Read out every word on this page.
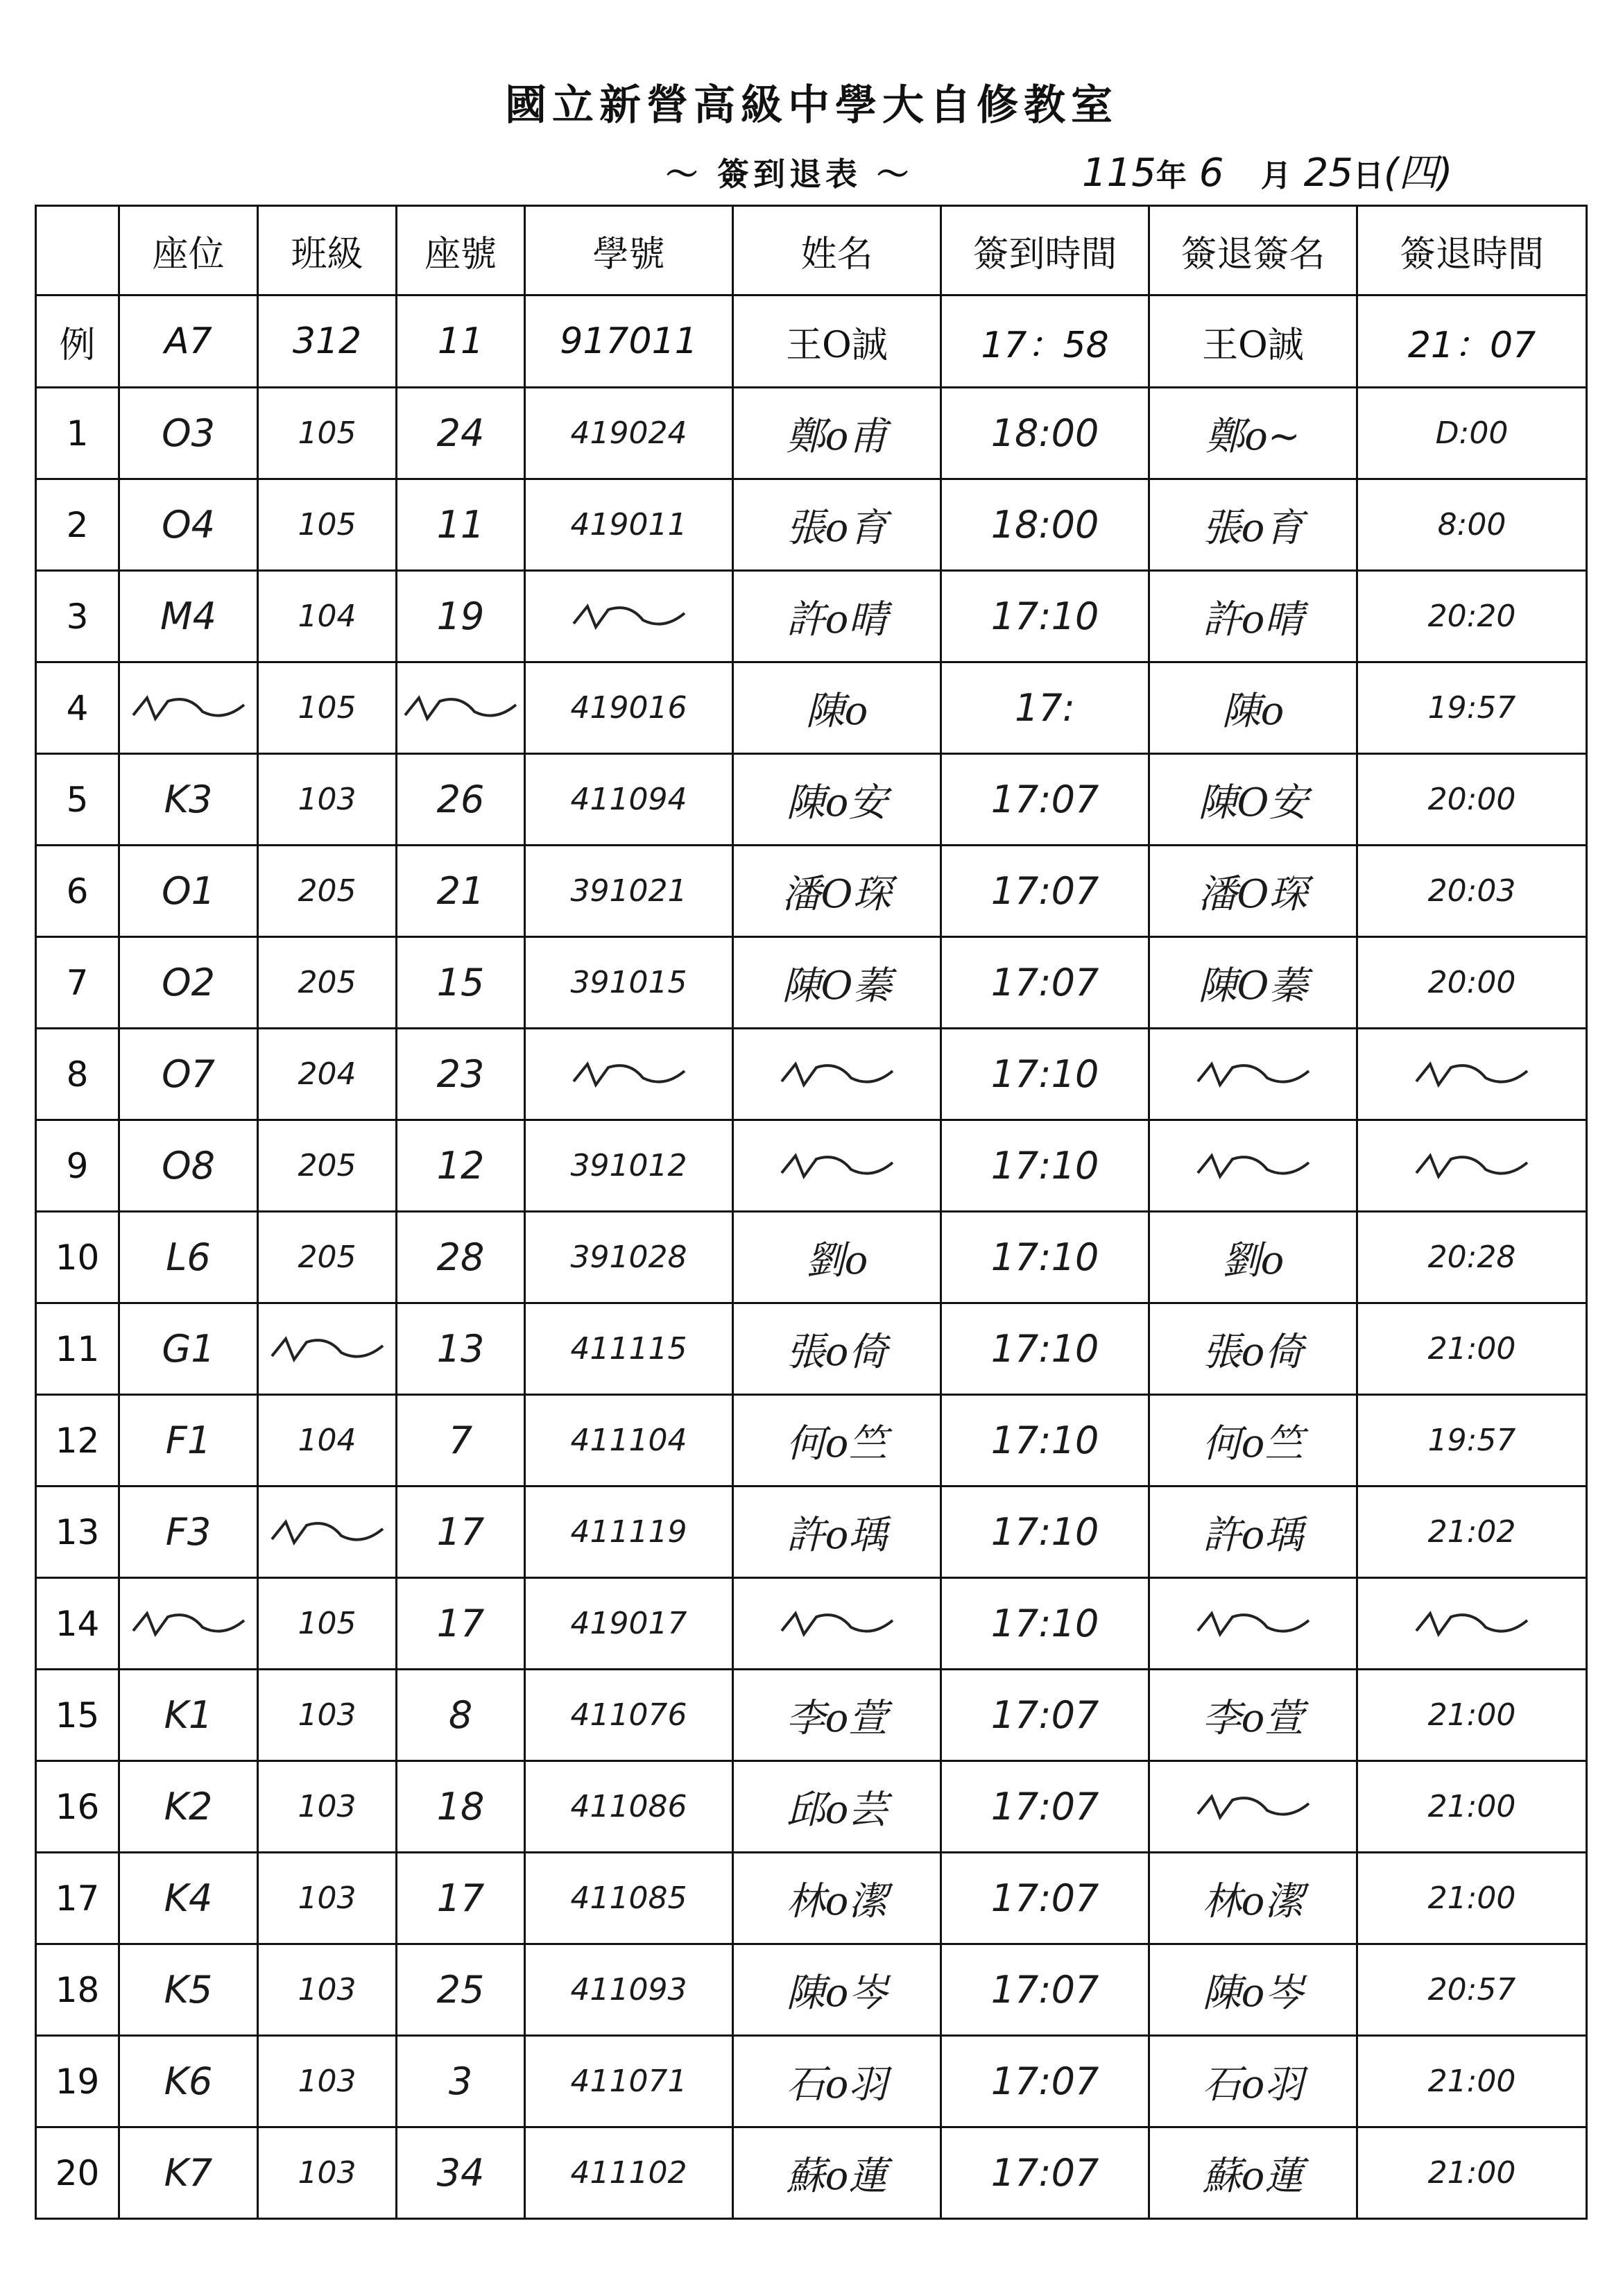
國立新營高級中學大自修教室
～ 簽到退表 ～	115年 6 月 25日(四)
	座位	班級	座號	學號	姓名	簽到時間	簽退簽名	簽退時間
例	A7	312	11	917011	王O誠	17：58	王O誠	21：07
1	O3	105	24	419024	鄭o甫	18:00	鄭o~	D:00
2	O4	105	11	419011	張o育	18:00	張o育	8:00
3	M4	104	19		許o晴	17:10	許o晴	20:20
4		105		419016	陳o	17:	陳o	19:57
5	K3	103	26	411094	陳o安	17:07	陳O安	20:00
6	O1	205	21	391021	潘O琛	17:07	潘O琛	20:03
7	O2	205	15	391015	陳O蓁	17:07	陳O蓁	20:00
8	O7	204	23			17:10	

9	O8	205	12	391012		17:10	

10	L6	205	28	391028	劉o	17:10	劉o	20:28
11	G1		13	411115	張o倚	17:10	張o倚	21:00
12	F1	104	7	411104	何o竺	17:10	何o竺	19:57
13	F3		17	411119	許o瑀	17:10	許o瑀	21:02
14		105	17	419017		17:10	

15	K1	103	8	411076	李o萱	17:07	李o萱	21:00
16	K2	103	18	411086	邱o芸	17:07		21:00
17	K4	103	17	411085	林o潔	17:07	林o潔	21:00
18	K5	103	25	411093	陳o岑	17:07	陳o岑	20:57
19	K6	103	3	411071	石o羽	17:07	石o羽	21:00
20	K7	103	34	411102	蘇o蓮	17:07	蘇o蓮	21:00
